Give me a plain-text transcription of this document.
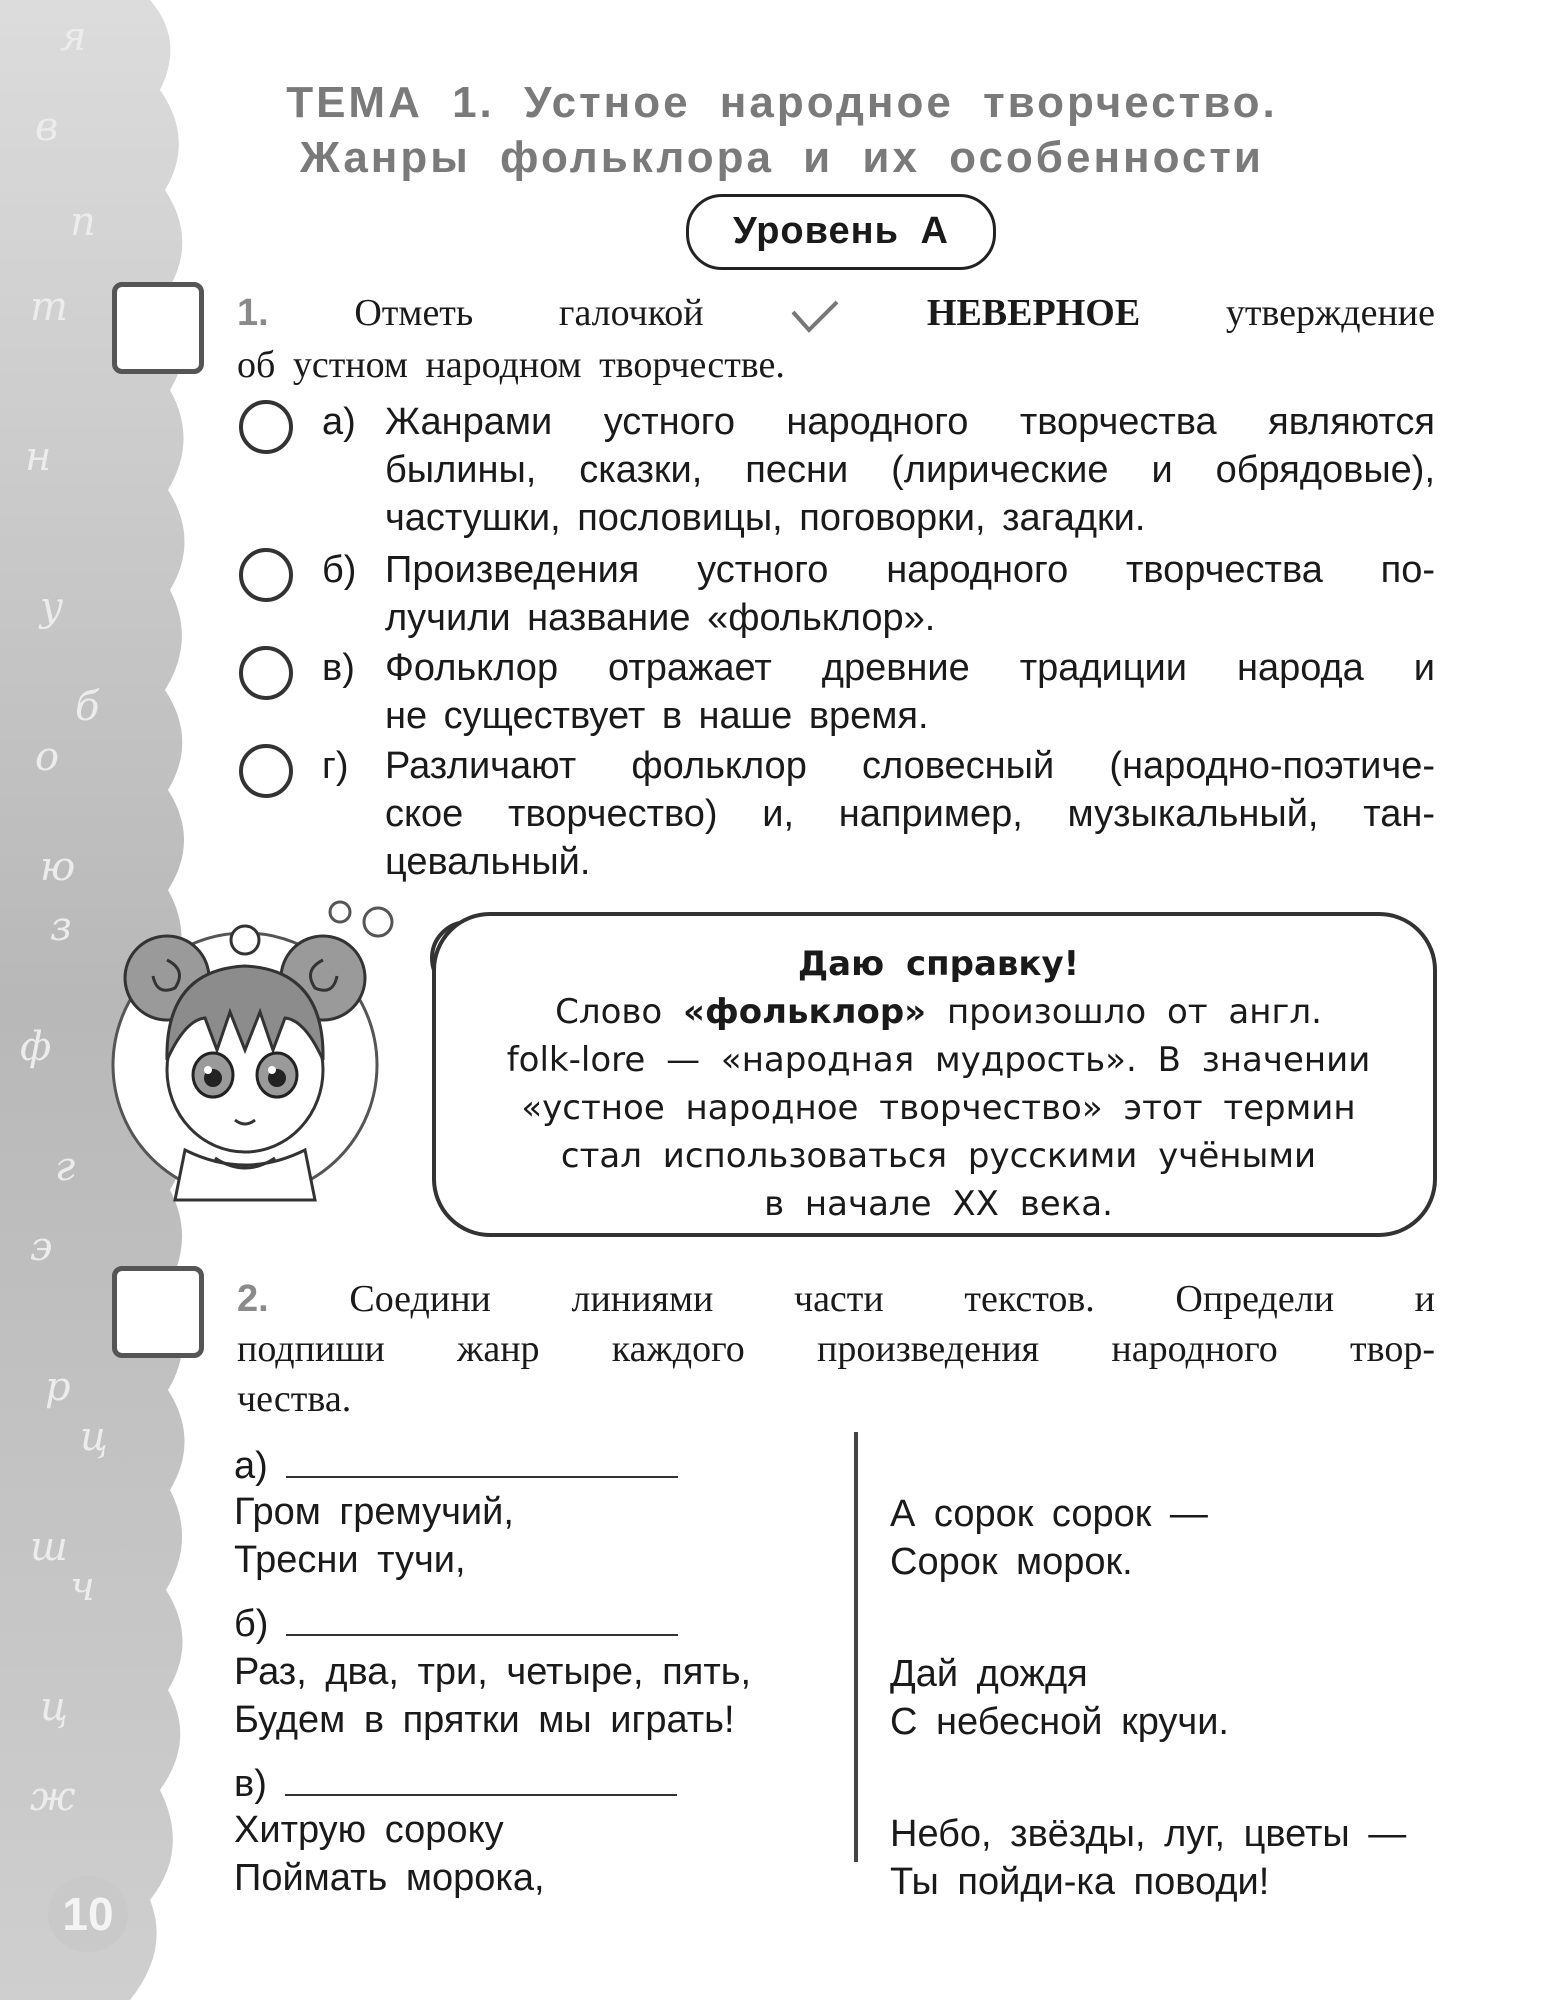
я
в
п
т
н
у
б
о
ю
з
ф
г
э
р
ц
ш
ч
ц
ж
ТЕМА 1. Устное народное творчество.
Жанры фольклора и их особенности
Уровень А
1. Отметь галочкой	НЕВЕРНОЕ утверждение
об устном народном творчестве.
а) Жанрами устного народного творчества являются
былины, сказки, песни (лирические и обрядовые),
частушки, пословицы, поговорки, загадки.
б) Произведения устного народного творчества по-
лучили название «фольклор».
в) Фольклор отражает древние традиции народа и
не существует в наше время.
г) Различают фольклор словесный (народно-поэтиче-
ское творчество) и, например, музыкальный, тан-
цевальный.
Даю справку!
Слово «фольклор» произошло от англ.
folk-lore — «народная мудрость». В значении
«устное народное творчество» этот термин
стал использоваться русскими учёными
в начале XX века.
2. Соедини линиями части текстов. Определи и
подпиши жанр каждого произведения народного твор-
чества.
а)
Гром гремучий,
Тресни тучи,
б)
Раз, два, три, четыре, пять,
Будем в прятки мы играть!
в)
Хитрую сороку
Поймать морока,
А сорок сорок —
Сорок морок.
Дай дождя
С небесной кручи.
Небо, звёзды, луг, цветы —
Ты пойди-ка поводи!
10
